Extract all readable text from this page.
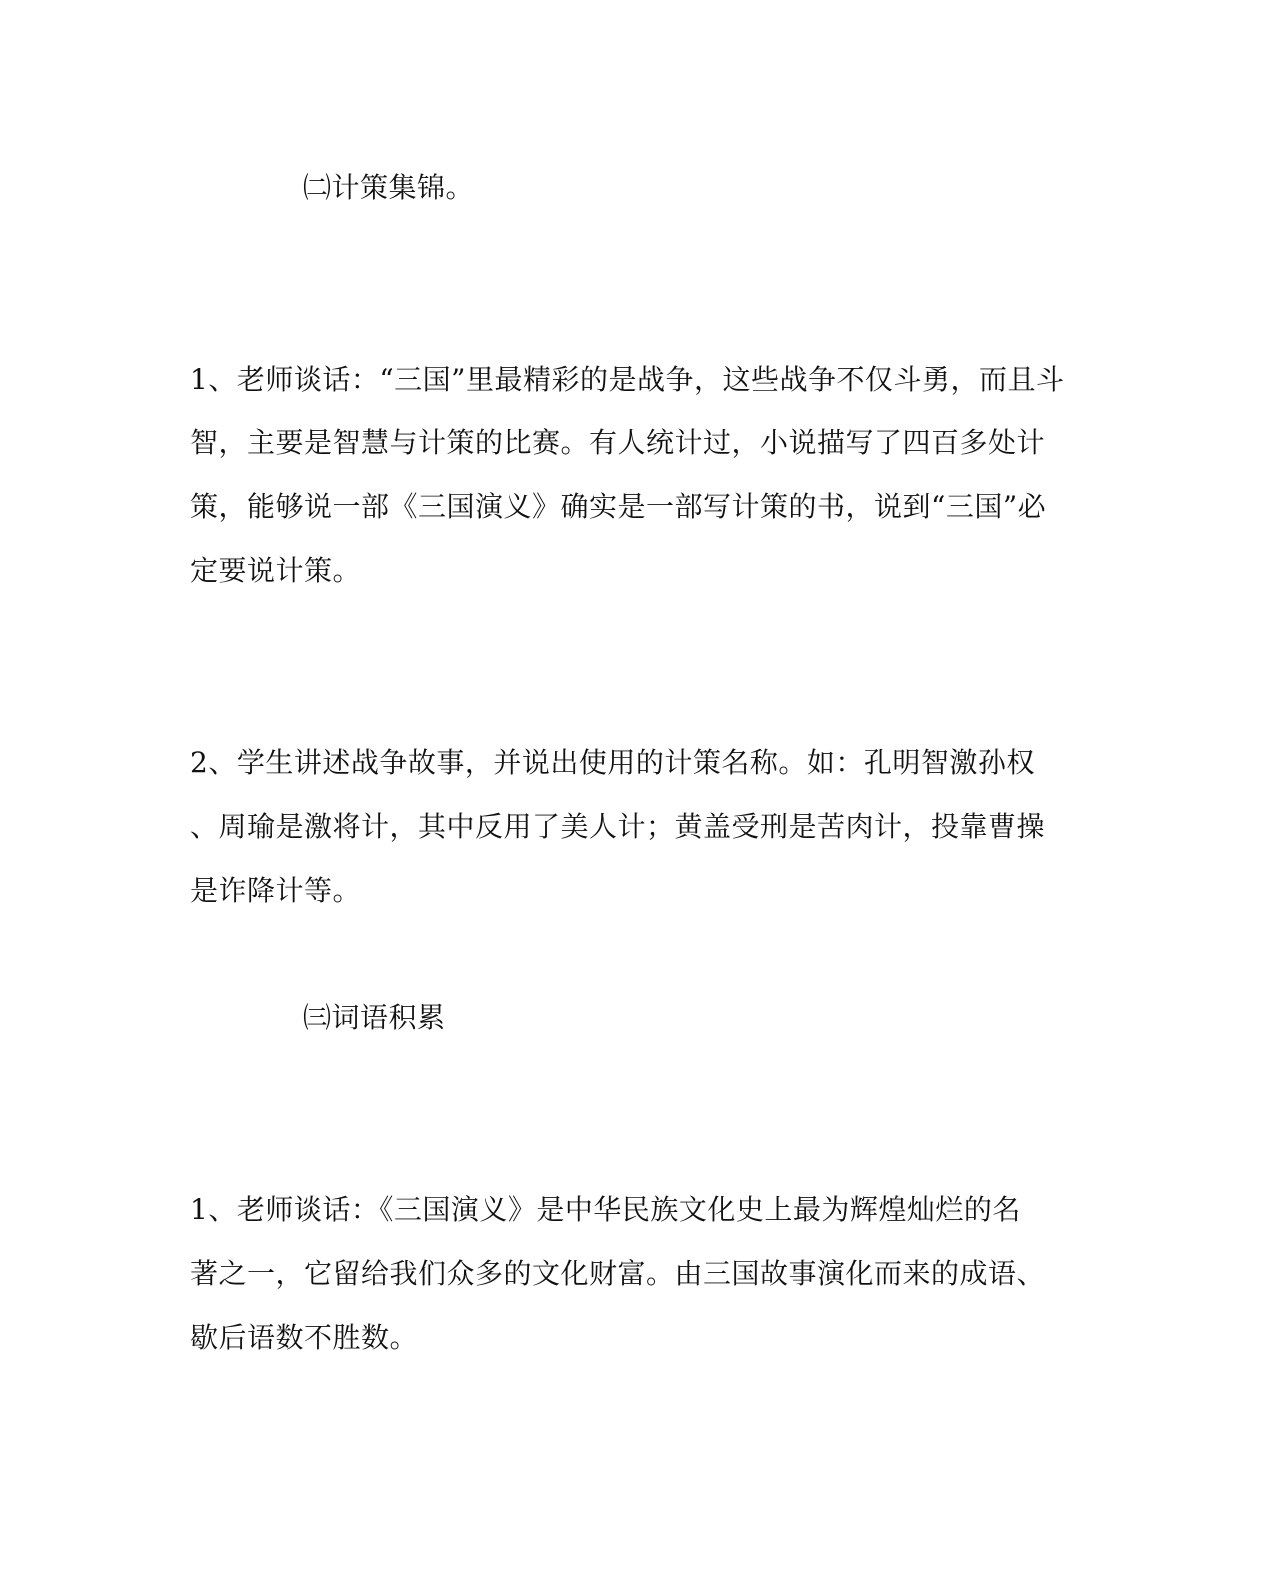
㈡计策集锦。

1、老师谈话：“三国”里最精彩的是战争，这些战争不仅斗勇，而且斗

智，主要是智慧与计策的比赛。有人统计过，小说描写了四百多处计

策，能够说一部《三国演义》确实是一部写计策的书，说到“三国”必

定要说计策。

2、学生讲述战争故事，并说出使用的计策名称。如：孔明智激孙权

、周瑜是激将计，其中反用了美人计；黄盖受刑是苦肉计，投靠曹操

是诈降计等。

㈢词语积累

1、老师谈话：《三国演义》是中华民族文化史上最为辉煌灿烂的名

著之一，它留给我们众多的文化财富。由三国故事演化而来的成语、

歇后语数不胜数。
